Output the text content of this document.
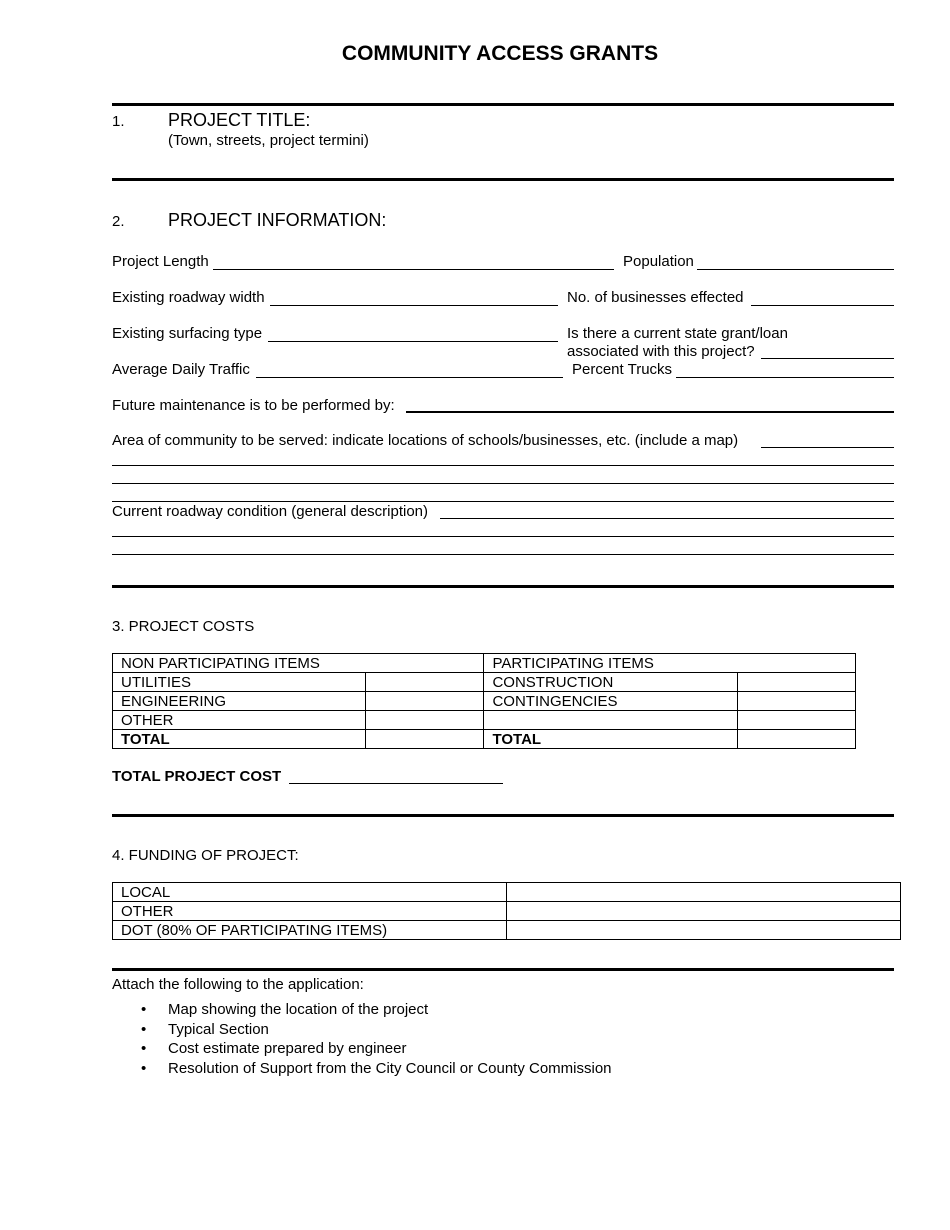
COMMUNITY ACCESS GRANTS
1. PROJECT TITLE:
(Town, streets, project termini)
2. PROJECT INFORMATION:
Project Length	Population
Existing roadway width	No. of businesses effected
Existing surfacing type	Is there a current state grant/loan
associated with this project?
Average Daily Traffic	Percent Trucks
Future maintenance is to be performed by:
Area of community to be served: indicate locations of schools/businesses, etc. (include a map)
Current roadway condition (general description)
3. PROJECT COSTS
NON PARTICIPATING ITEMS		PARTICIPATING ITEMS	
UTILITIES		CONSTRUCTION	
ENGINEERING		CONTINGENCIES	
OTHER			
TOTAL		TOTAL	
TOTAL PROJECT COST
4. FUNDING OF PROJECT:
LOCAL	
OTHER	
DOT (80% OF PARTICIPATING ITEMS)	
Attach the following to the application:
• Map showing the location of the project
• Typical Section
• Cost estimate prepared by engineer
• Resolution of Support from the City Council or County Commission
